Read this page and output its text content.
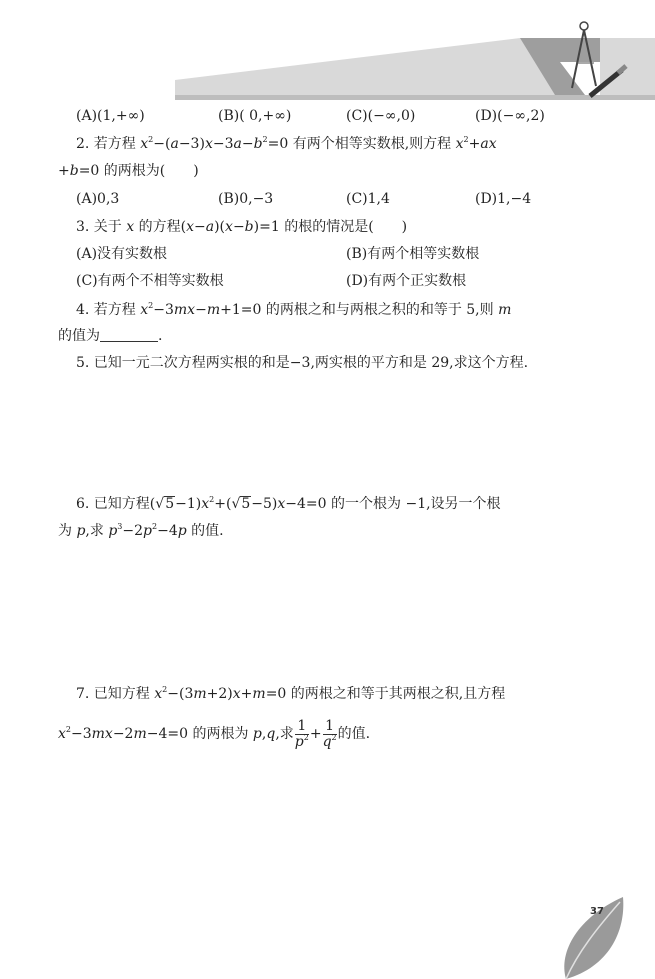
(A)(1,+∞)	(B)( 0,+∞)	(C)(−∞,0)	(D)(−∞,2)
2. 若方程 $x^2-(a-3)x-3a-b^2=0$ 有两个相等实数根,则方程 $x^2+ax$
+b=0 的两根为(　　)
(A)0,3	(B)0,−3	(C)1,4	(D)1,−4
3. 关于 x 的方程(x−a)(x−b)=1 的根的情况是(　　)
(A)没有实数根	(B)有两个相等实数根
(C)有两个不相等实数根	(D)有两个正实数根
4. 若方程 $x^2-3mx-m+1=0$ 的两根之和与两根之积的和等于 5,则 m
的值为	.
5. 已知一元二次方程两实根的和是−3,两实根的平方和是 29,求这个方程.
6. 已知方程$(√5-1)x^2+(√5-5)x-4=0$ 的一个根为 −1,设另一个根
为 p,求 $p^3-2p^2-4p$ 的值.
7. 已知方程 $x^2-(3m+2)x+m=0$ 的两根之和等于其两根之积,且方程
$x^2-3mx-2m-4=0$ 的两根为 p,q,求 $\frac{1}{p^2} + \frac{1}{q^2}$ 的值.
37
